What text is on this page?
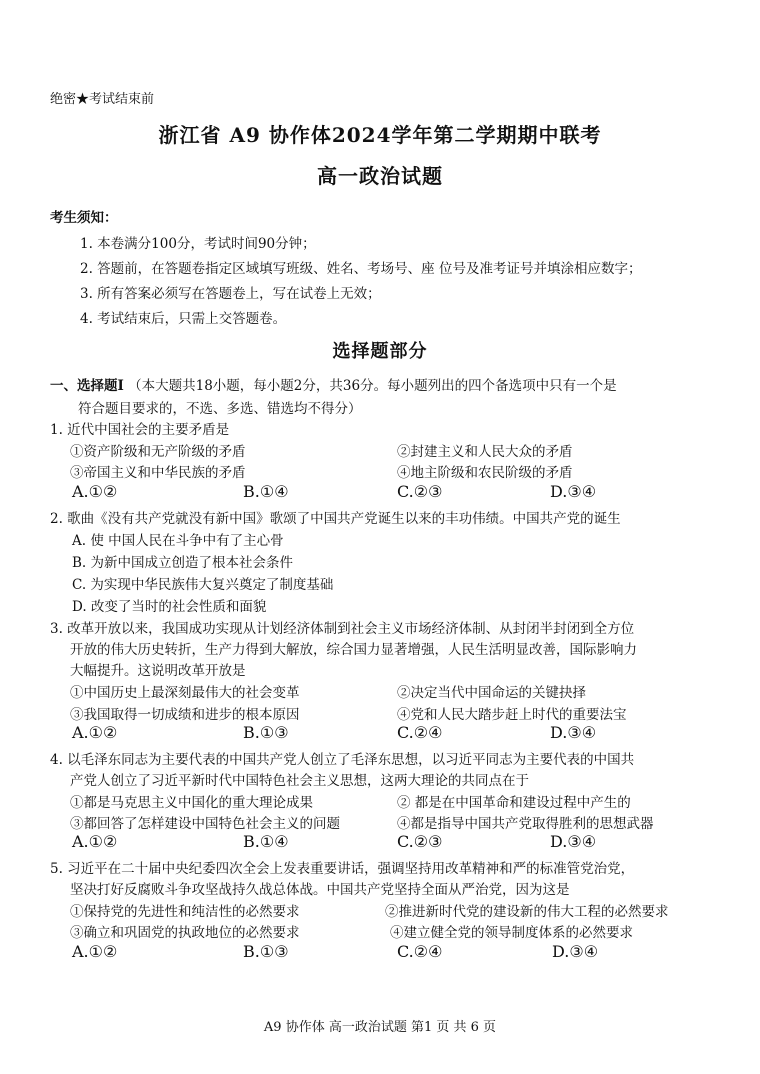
绝密★考试结束前
浙江省 A9 协作体2024学年第二学期期中联考
高一政治试题
考生须知：
1. 本卷满分100分，考试时间90分钟；
2. 答题前，在答题卷指定区域填写班级、姓名、考场号、座 位号及准考证号并填涂相应数字；
3. 所有答案必须写在答题卷上，写在试卷上无效；
4. 考试结束后，只需上交答题卷。
选择题部分
一、选择题Ⅰ （本大题共18小题，每小题2分，共36分。每小题列出的四个备选项中只有一个是
符合题目要求的，不选、多选、错选均不得分）
1. 近代中国社会的主要矛盾是
①资产阶级和无产阶级的矛盾	②封建主义和人民大众的矛盾
③帝国主义和中华民族的矛盾	④地主阶级和农民阶级的矛盾
A.①②	B.①④	C.②③	D.③④
2. 歌曲《没有共产党就没有新中国》歌颂了中国共产党诞生以来的丰功伟绩。中国共产党的诞生
A. 使 中国人民在斗争中有了主心骨
B. 为新中国成立创造了根本社会条件
C. 为实现中华民族伟大复兴奠定了制度基础
D. 改变了当时的社会性质和面貌
3. 改革开放以来，我国成功实现从计划经济体制到社会主义市场经济体制、从封闭半封闭到全方位
开放的伟大历史转折，生产力得到大解放，综合国力显著增强，人民生活明显改善，国际影响力
大幅提升。这说明改革开放是
①中国历史上最深刻最伟大的社会变革	②决定当代中国命运的关键抉择
③我国取得一切成绩和进步的根本原因	④党和人民大踏步赶上时代的重要法宝
A.①②	B.①③	C.②④	D.③④
4. 以毛泽东同志为主要代表的中国共产党人创立了毛泽东思想，以习近平同志为主要代表的中国共
产党人创立了习近平新时代中国特色社会主义思想，这两大理论的共同点在于
①都是马克思主义中国化的重大理论成果	② 都是在中国革命和建设过程中产生的
③都回答了怎样建设中国特色社会主义的问题	④都是指导中国共产党取得胜利的思想武器
A.①②	B.①④	C.②③	D.③④
5. 习近平在二十届中央纪委四次全会上发表重要讲话，强调坚持用改革精神和严的标准管党治党，
坚决打好反腐败斗争攻坚战持久战总体战。中国共产党坚持全面从严治党，因为这是
①保持党的先进性和纯洁性的必然要求	②推进新时代党的建设新的伟大工程的必然要求
③确立和巩固党的执政地位的必然要求	④建立健全党的领导制度体系的必然要求
A.①②	B.①③	C.②④	D.③④
A9 协作体 高一政治试题 第1 页 共 6 页
